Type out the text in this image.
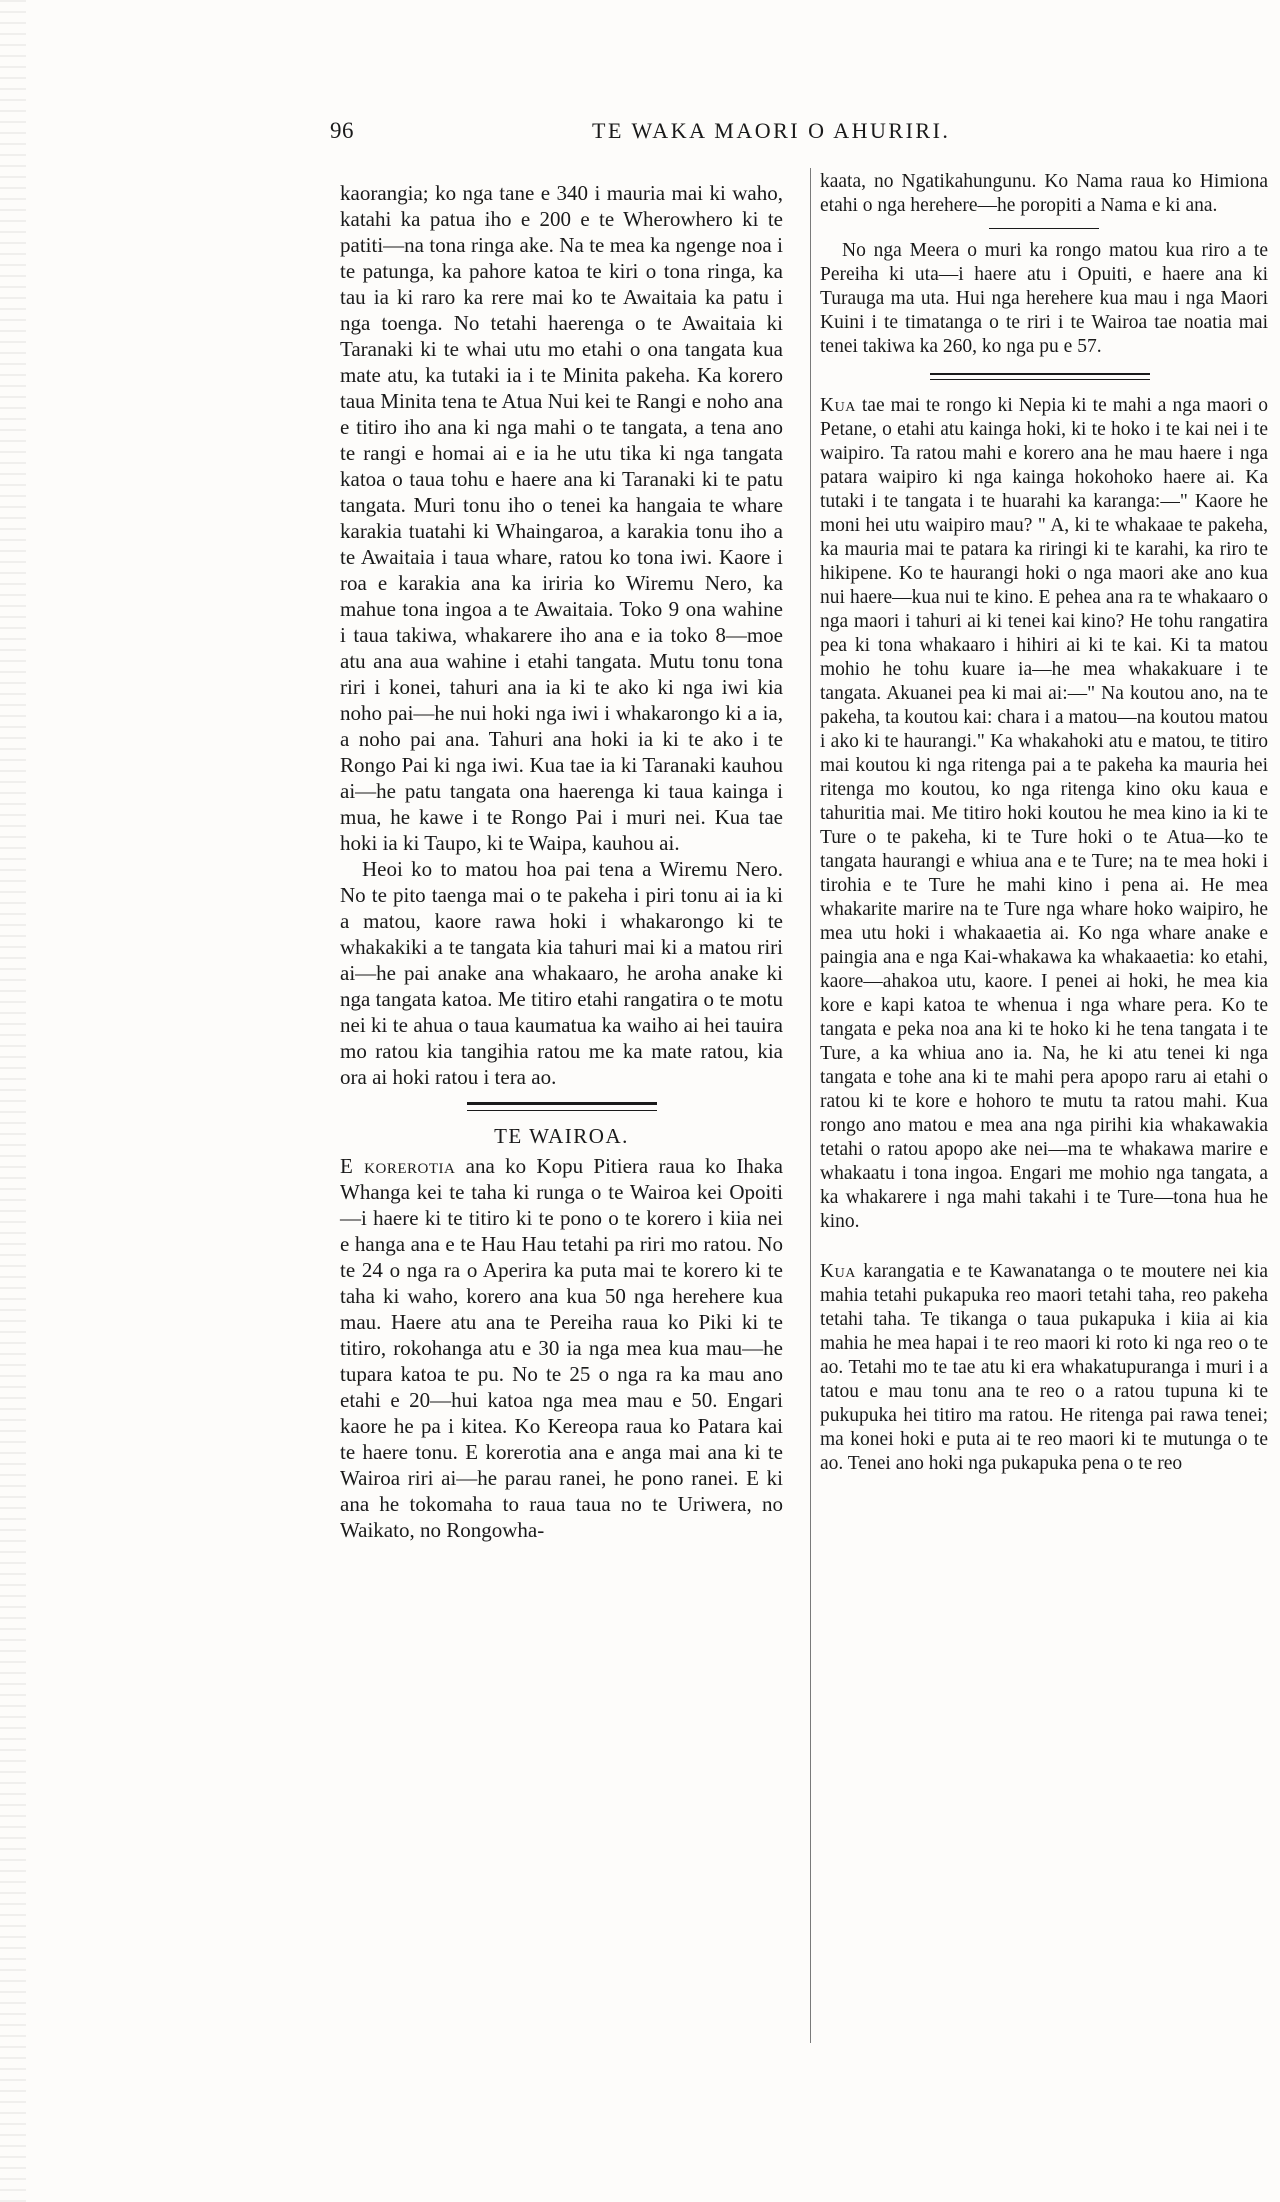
96	TE WAKA MAORI O AHURIRI.

kaorangia; ko nga tane e 340 i mauria mai ki waho, katahi ka patua iho e 200 e te Wherowhero ki te patiti—na tona ringa ake. Na te mea ka ngenge noa i te patunga, ka pahore katoa te kiri o tona ringa, ka tau ia ki raro ka rere mai ko te Awaitaia ka patu i nga toenga. No tetahi haerenga o te Awaitaia ki Taranaki ki te whai utu mo etahi o ona tangata kua mate atu, ka tutaki ia i te Minita pakeha. Ka korero taua Minita tena te Atua Nui kei te Rangi e noho ana e titiro iho ana ki nga mahi o te tangata, a tena ano te rangi e homai ai e ia he utu tika ki nga tangata katoa o taua tohu e haere ana ki Taranaki ki te patu tangata. Muri tonu iho o tenei ka hangaia te whare karakia tuatahi ki Whaingaroa, a karakia tonu iho a te Awaitaia i taua whare, ratou ko tona iwi. Kaore i roa e karakia ana ka iriria ko Wiremu Nero, ka mahue tona ingoa a te Awaitaia. Toko 9 ona wahine i taua takiwa, whakarere iho ana e ia toko 8—moe atu ana aua wahine i etahi tangata. Mutu tonu tona riri i konei, tahuri ana ia ki te ako ki nga iwi kia noho pai—he nui hoki nga iwi i whakarongo ki a ia, a noho pai ana. Tahuri ana hoki ia ki te ako i te Rongo Pai ki nga iwi. Kua tae ia ki Taranaki kauhou ai—he patu tangata ona haerenga ki taua kainga i mua, he kawe i te Rongo Pai i muri nei. Kua tae hoki ia ki Taupo, ki te Waipa, kauhou ai.

Heoi ko to matou hoa pai tena a Wiremu Nero. No te pito taenga mai o te pakeha i piri tonu ai ia ki a matou, kaore rawa hoki i whakarongo ki te whakakiki a te tangata kia tahuri mai ki a matou riri ai—he pai anake ana whakaaro, he aroha anake ki nga tangata katoa. Me titiro etahi rangatira o te motu nei ki te ahua o taua kaumatua ka waiho ai hei tauira mo ratou kia tangihia ratou me ka mate ratou, kia ora ai hoki ratou i tera ao.

TE WAIROA.

E korerotia ana ko Kopu Pitiera raua ko Ihaka Whanga kei te taha ki runga o te Wairoa kei Opoiti—i haere ki te titiro ki te pono o te korero i kiia nei e hanga ana e te Hau Hau tetahi pa riri mo ratou. No te 24 o nga ra o Aperira ka puta mai te korero ki te taha ki waho, korero ana kua 50 nga herehere kua mau. Haere atu ana te Pereiha raua ko Piki ki te titiro, rokohanga atu e 30 ia nga mea kua mau—he tupara katoa te pu. No te 25 o nga ra ka mau ano etahi e 20—hui katoa nga mea mau e 50. Engari kaore he pa i kitea. Ko Kereopa raua ko Patara kai te haere tonu. E korerotia ana e anga mai ana ki te Wairoa riri ai—he parau ranei, he pono ranei. E ki ana he tokomaha to raua taua no te Uriwera, no Waikato, no Rongowha-

kaata, no Ngatikahungunu. Ko Nama raua ko Himiona etahi o nga herehere—he poropiti a Nama e ki ana.

No nga Meera o muri ka rongo matou kua riro a te Pereiha ki uta—i haere atu i Opuiti, e haere ana ki Turauga ma uta. Hui nga herehere kua mau i nga Maori Kuini i te timatanga o te riri i te Wairoa tae noatia mai tenei takiwa ka 260, ko nga pu e 57.

Kua tae mai te rongo ki Nepia ki te mahi a nga maori o Petane, o etahi atu kainga hoki, ki te hoko i te kai nei i te waipiro. Ta ratou mahi e korero ana he mau haere i nga patara waipiro ki nga kainga hokohoko haere ai. Ka tutaki i te tangata i te huarahi ka karanga:—" Kaore he moni hei utu waipiro mau? " A, ki te whakaae te pakeha, ka mauria mai te patara ka riringi ki te karahi, ka riro te hikipene. Ko te haurangi hoki o nga maori ake ano kua nui haere—kua nui te kino. E pehea ana ra te whakaaro o nga maori i tahuri ai ki tenei kai kino? He tohu rangatira pea ki tona whakaaro i hihiri ai ki te kai. Ki ta matou mohio he tohu kuare ia—he mea whakakuare i te tangata. Akuanei pea ki mai ai:—" Na koutou ano, na te pakeha, ta koutou kai: chara i a matou—na koutou matou i ako ki te haurangi." Ka whakahoki atu e matou, te titiro mai koutou ki nga ritenga pai a te pakeha ka mauria hei ritenga mo koutou, ko nga ritenga kino oku kaua e tahuritia mai. Me titiro hoki koutou he mea kino ia ki te Ture o te pakeha, ki te Ture hoki o te Atua—ko te tangata haurangi e whiua ana e te Ture; na te mea hoki i tirohia e te Ture he mahi kino i pena ai. He mea whakarite marire na te Ture nga whare hoko waipiro, he mea utu hoki i whakaaetia ai. Ko nga whare anake e paingia ana e nga Kai-whakawa ka whakaaetia: ko etahi, kaore—ahakoa utu, kaore. I penei ai hoki, he mea kia kore e kapi katoa te whenua i nga whare pera. Ko te tangata e peka noa ana ki te hoko ki he tena tangata i te Ture, a ka whiua ano ia. Na, he ki atu tenei ki nga tangata e tohe ana ki te mahi pera apopo raru ai etahi o ratou ki te kore e hohoro te mutu ta ratou mahi. Kua rongo ano matou e mea ana nga pirihi kia whakawakia tetahi o ratou apopo ake nei—ma te whakawa marire e whakaatu i tona ingoa. Engari me mohio nga tangata, a ka whakarere i nga mahi takahi i te Ture—tona hua he kino.

Kua karangatia e te Kawanatanga o te moutere nei kia mahia tetahi pukapuka reo maori tetahi taha, reo pakeha tetahi taha. Te tikanga o taua pukapuka i kiia ai kia mahia he mea hapai i te reo maori ki roto ki nga reo o te ao. Tetahi mo te tae atu ki era whakatupuranga i muri i a tatou e mau tonu ana te reo o a ratou tupuna ki te pukupuka hei titiro ma ratou. He ritenga pai rawa tenei; ma konei hoki e puta ai te reo maori ki te mutunga o te ao. Tenei ano hoki nga pukapuka pena o te reo
